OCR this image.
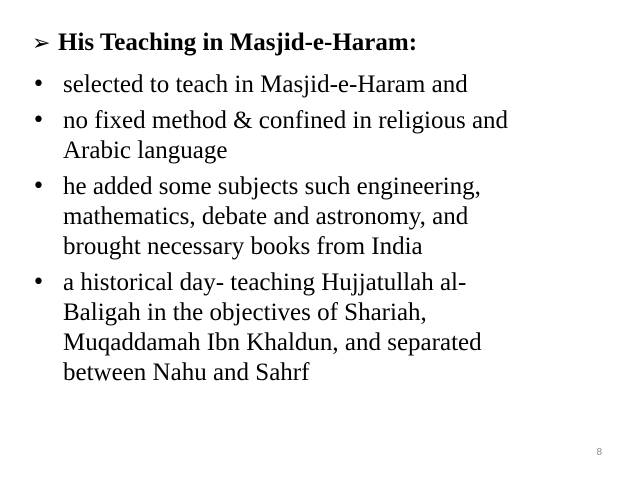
➢ His Teaching in Masjid-e-Haram:
• selected to teach in Masjid-e-Haram and
• no fixed method & confined in religious and
Arabic language
• he added some subjects such engineering,
mathematics, debate and astronomy, and
brought necessary books from India
• a historical day- teaching Hujjatullah al-
Baligah in the objectives of Shariah,
Muqaddamah Ibn Khaldun, and separated
between Nahu and Sahrf
8
